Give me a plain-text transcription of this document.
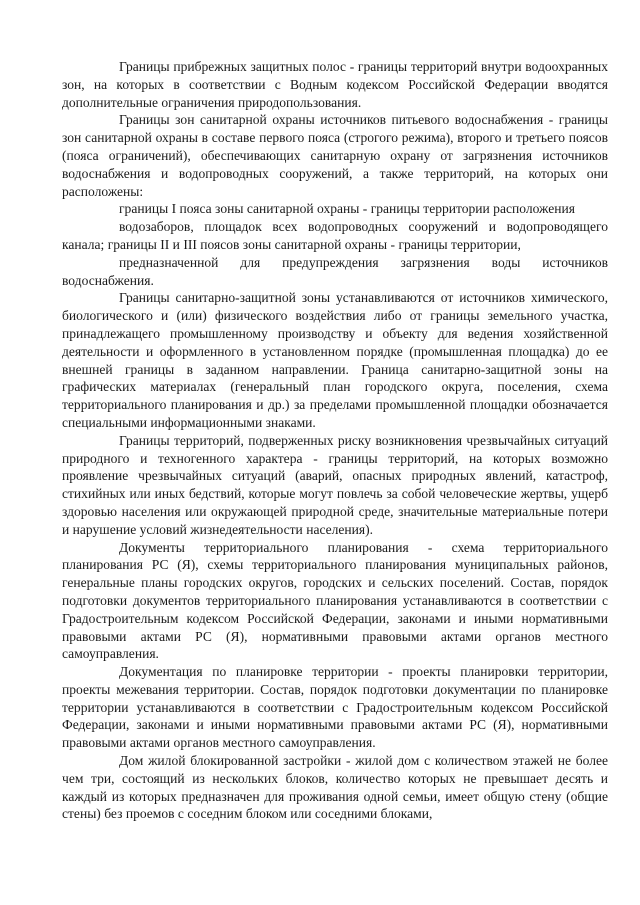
Границы прибрежных защитных полос - границы территорий внутри водоохранных зон, на которых в соответствии с Водным кодексом Российской Федерации вводятся дополнительные ограничения природопользования.

Границы зон санитарной охраны источников питьевого водоснабжения - границы зон санитарной охраны в составе первого пояса (строгого режима), второго и третьего поясов (пояса ограничений), обеспечивающих санитарную охрану от загрязнения источников водоснабжения и водопроводных сооружений, а также территорий, на которых они расположены:

границы I пояса зоны санитарной охраны - границы территории расположения

водозаборов, площадок всех водопроводных сооружений и водопроводящего канала; границы II и III поясов зоны санитарной охраны - границы территории,

предназначенной для предупреждения загрязнения воды источников водоснабжения.

Границы санитарно-защитной зоны устанавливаются от источников химического, биологического и (или) физического воздействия либо от границы земельного участка, принадлежащего промышленному производству и объекту для ведения хозяйственной деятельности и оформленного в установленном порядке (промышленная площадка) до ее внешней границы в заданном направлении. Граница санитарно-защитной зоны на графических материалах (генеральный план городского округа, поселения, схема территориального планирования и др.) за пределами промышленной площадки обозначается специальными информационными знаками.

Границы территорий, подверженных риску возникновения чрезвычайных ситуаций природного и техногенного характера - границы территорий, на которых возможно проявление чрезвычайных ситуаций (аварий, опасных природных явлений, катастроф, стихийных или иных бедствий, которые могут повлечь за собой человеческие жертвы, ущерб здоровью населения или окружающей природной среде, значительные материальные потери и нарушение условий жизнедеятельности населения).

Документы территориального планирования - схема территориального планирования РС (Я), схемы территориального планирования муниципальных районов, генеральные планы городских округов, городских и сельских поселений. Состав, порядок подготовки документов территориального планирования устанавливаются в соответствии с Градостроительным кодексом Российской Федерации, законами и иными нормативными правовыми актами РС (Я), нормативными правовыми актами органов местного самоуправления.

Документация по планировке территории - проекты планировки территории, проекты межевания территории. Состав, порядок подготовки документации по планировке территории устанавливаются в соответствии с Градостроительным кодексом Российской Федерации, законами и иными нормативными правовыми актами РС (Я), нормативными правовыми актами органов местного самоуправления.

Дом жилой блокированной застройки - жилой дом с количеством этажей не более чем три, состоящий из нескольких блоков, количество которых не превышает десять и каждый из которых предназначен для проживания одной семьи, имеет общую стену (общие стены) без проемов с соседним блоком или соседними блоками,
